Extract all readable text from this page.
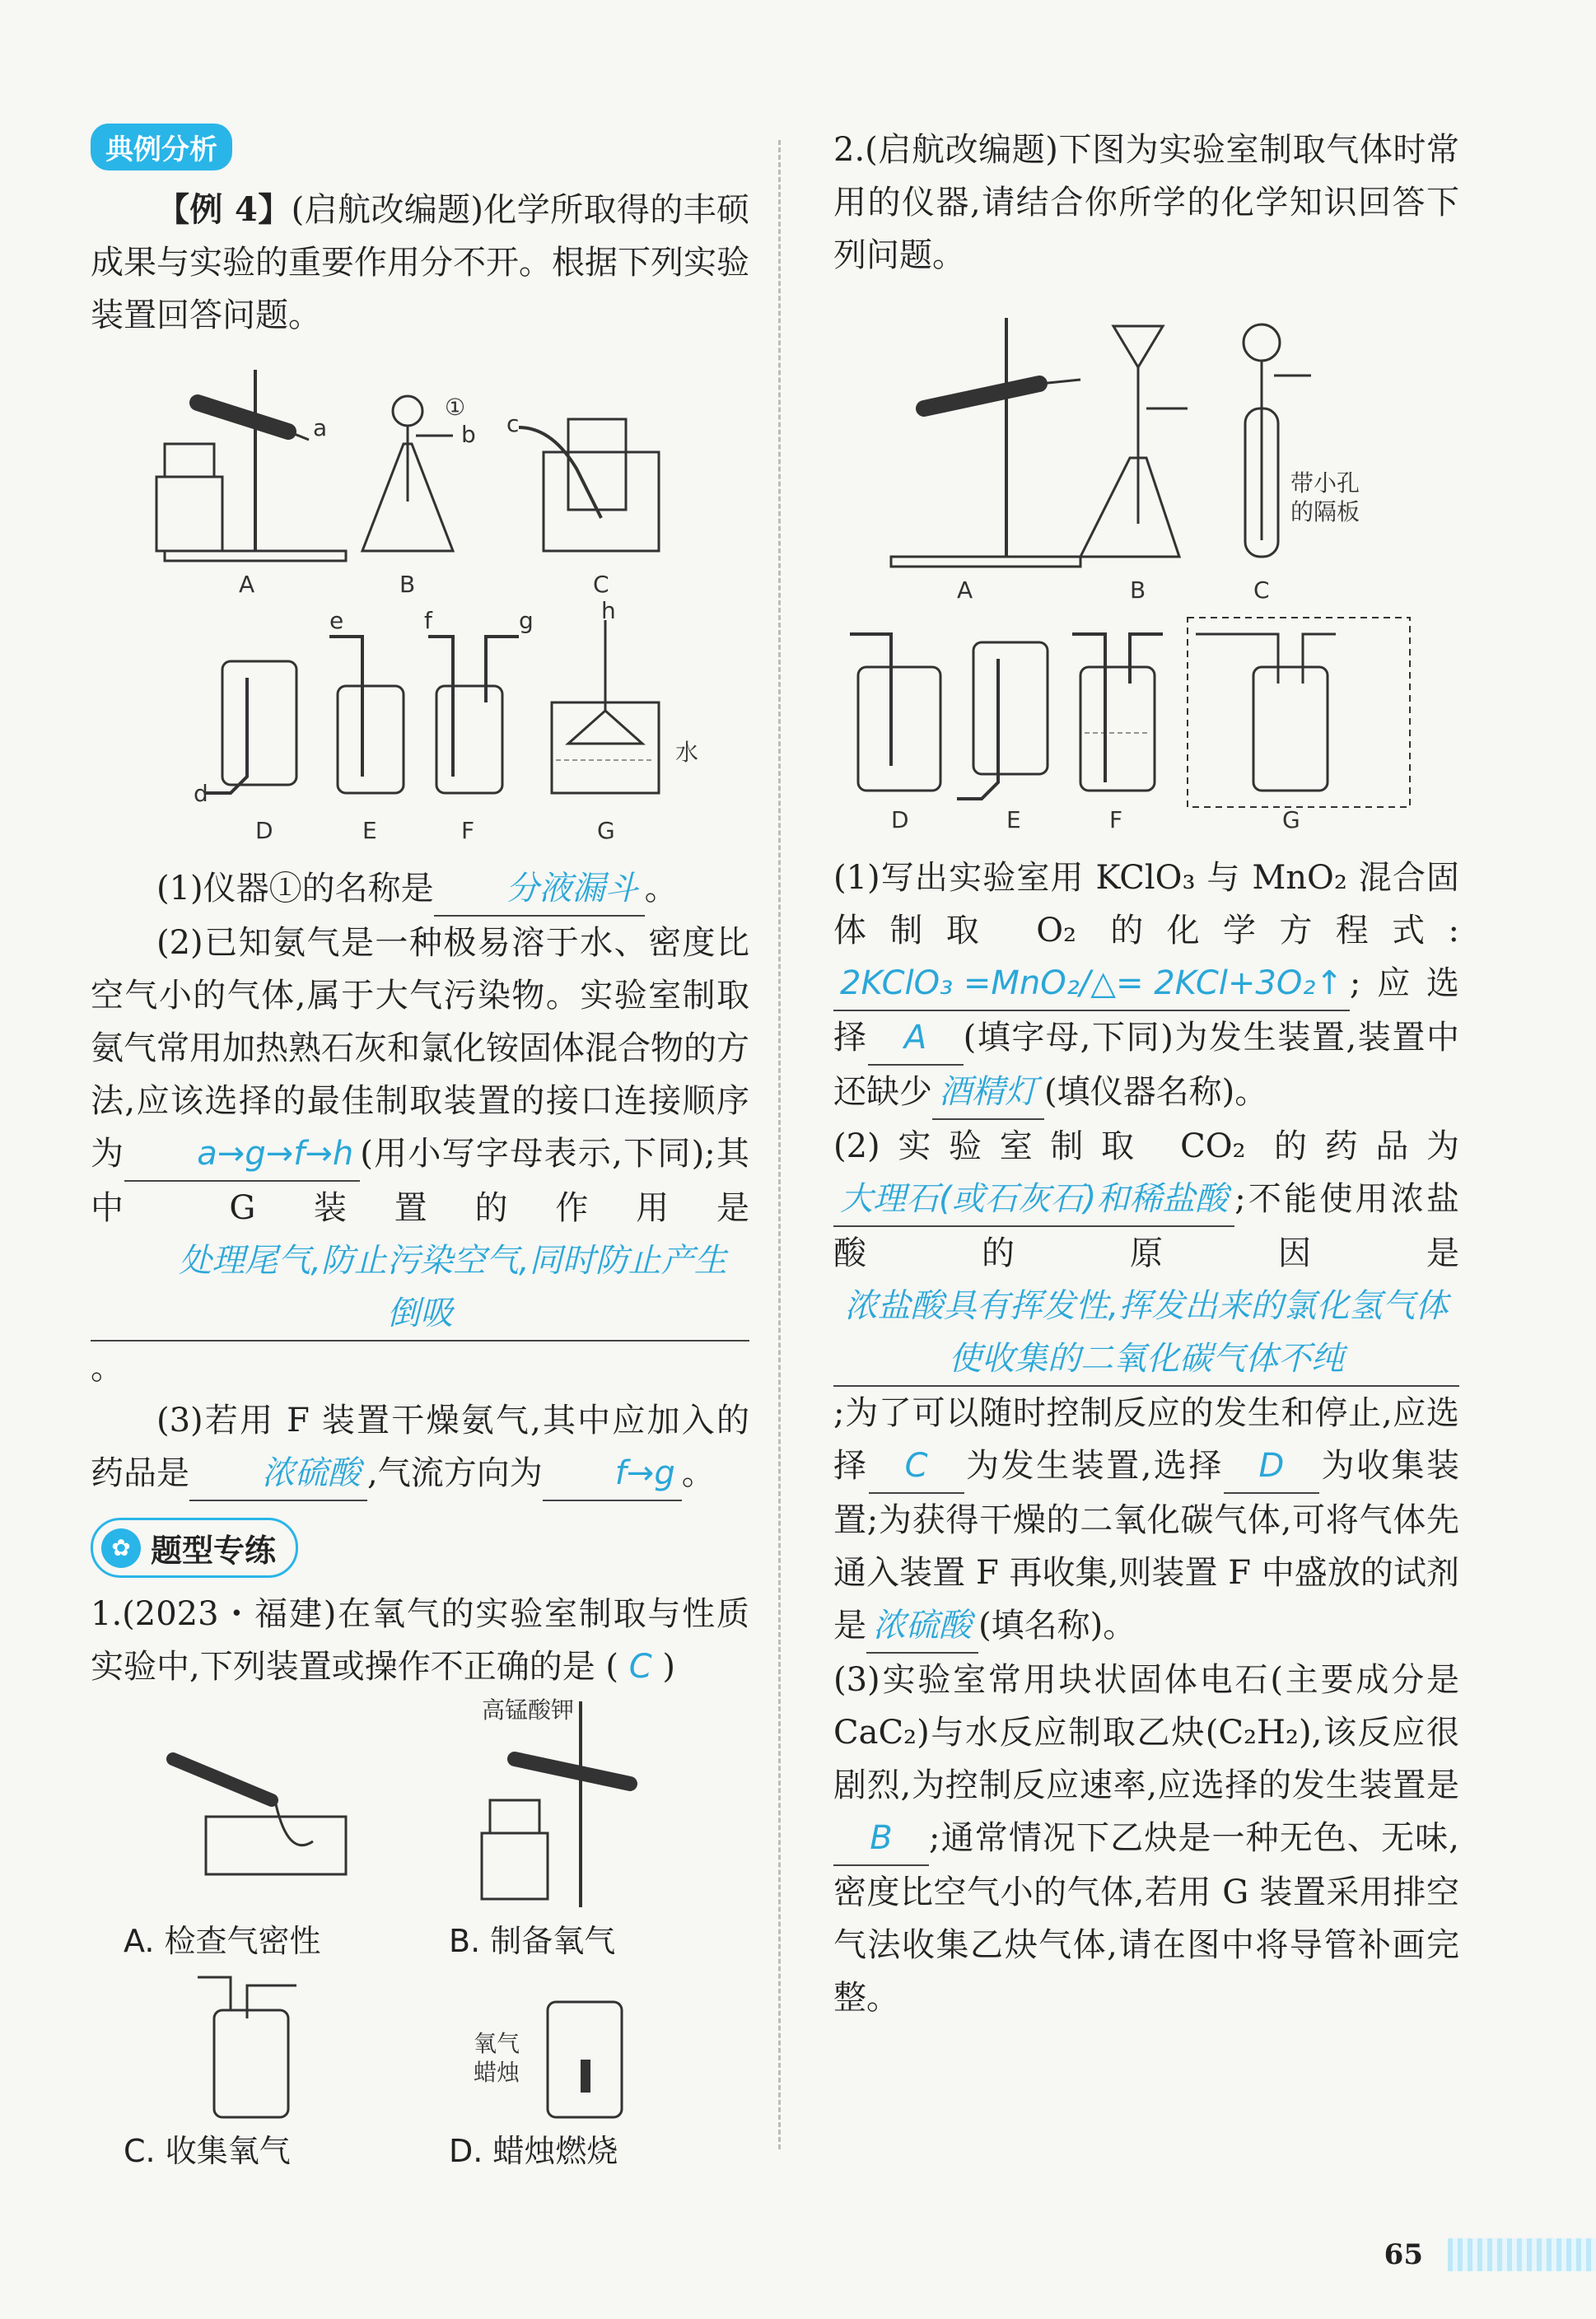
典例分析

【例 4】(启航改编题)化学所取得的丰硕成果与实验的重要作用分不开。根据下列实验装置回答问题。

a
A
①
b
B
c
C
d
D
e
E
f	g
F
h
水
G

(1)仪器①的名称是 分液漏斗 。

(2)已知氨气是一种极易溶于水、密度比空气小的气体,属于大气污染物。实验室制取氨气常用加热熟石灰和氯化铵固体混合物的方法,应该选择的最佳制取装置的接口连接顺序为 a→g→f→h (用小写字母表示,下同);其中 G 装置的作用是处理尾气,防止污染空气,同时防止产生倒吸。

(3)若用 F 装置干燥氨气,其中应加入的药品是 浓硫酸 ,气流方向为 f→g 。

✿ 题型专练

1.(2023・福建)在氧气的实验室制取与性质实验中,下列装置或操作不正确的是 ( C )

高锰酸钾
A. 检查气密性	B. 制备氧气
氧气
蜡烛
C. 收集氧气	D. 蜡烛燃烧

2.(启航改编题)下图为实验室制取气体时常用的仪器,请结合你所学的化学知识回答下列问题。

A	B
带小孔
的隔板
C
D	E	F	G

(1)写出实验室用 KClO₃ 与 MnO₂ 混合固体制取 O₂ 的化学方程式: 2KClO₃ =MnO₂/△= 2KCl+3O₂↑ ;应选择 A (填字母,下同)为发生装置,装置中还缺少 酒精灯 (填仪器名称)。

(2)实验室制取 CO₂ 的药品为大理石(或石灰石)和稀盐酸 ;不能使用浓盐酸的原因是浓盐酸具有挥发性,挥发出来的氯化氢气体使收集的二氧化碳气体不纯;为了可以随时控制反应的发生和停止,应选择 C 为发生装置,选择 D 为收集装置;为获得干燥的二氧化碳气体,可将气体先通入装置 F 再收集,则装置 F 中盛放的试剂是 浓硫酸 (填名称)。

(3)实验室常用块状固体电石(主要成分是 CaC₂)与水反应制取乙炔(C₂H₂),该反应很剧烈,为控制反应速率,应选择的发生装置是B ;通常情况下乙炔是一种无色、无味,密度比空气小的气体,若用 G 装置采用排空气法收集乙炔气体,请在图中将导管补画完整。

65
